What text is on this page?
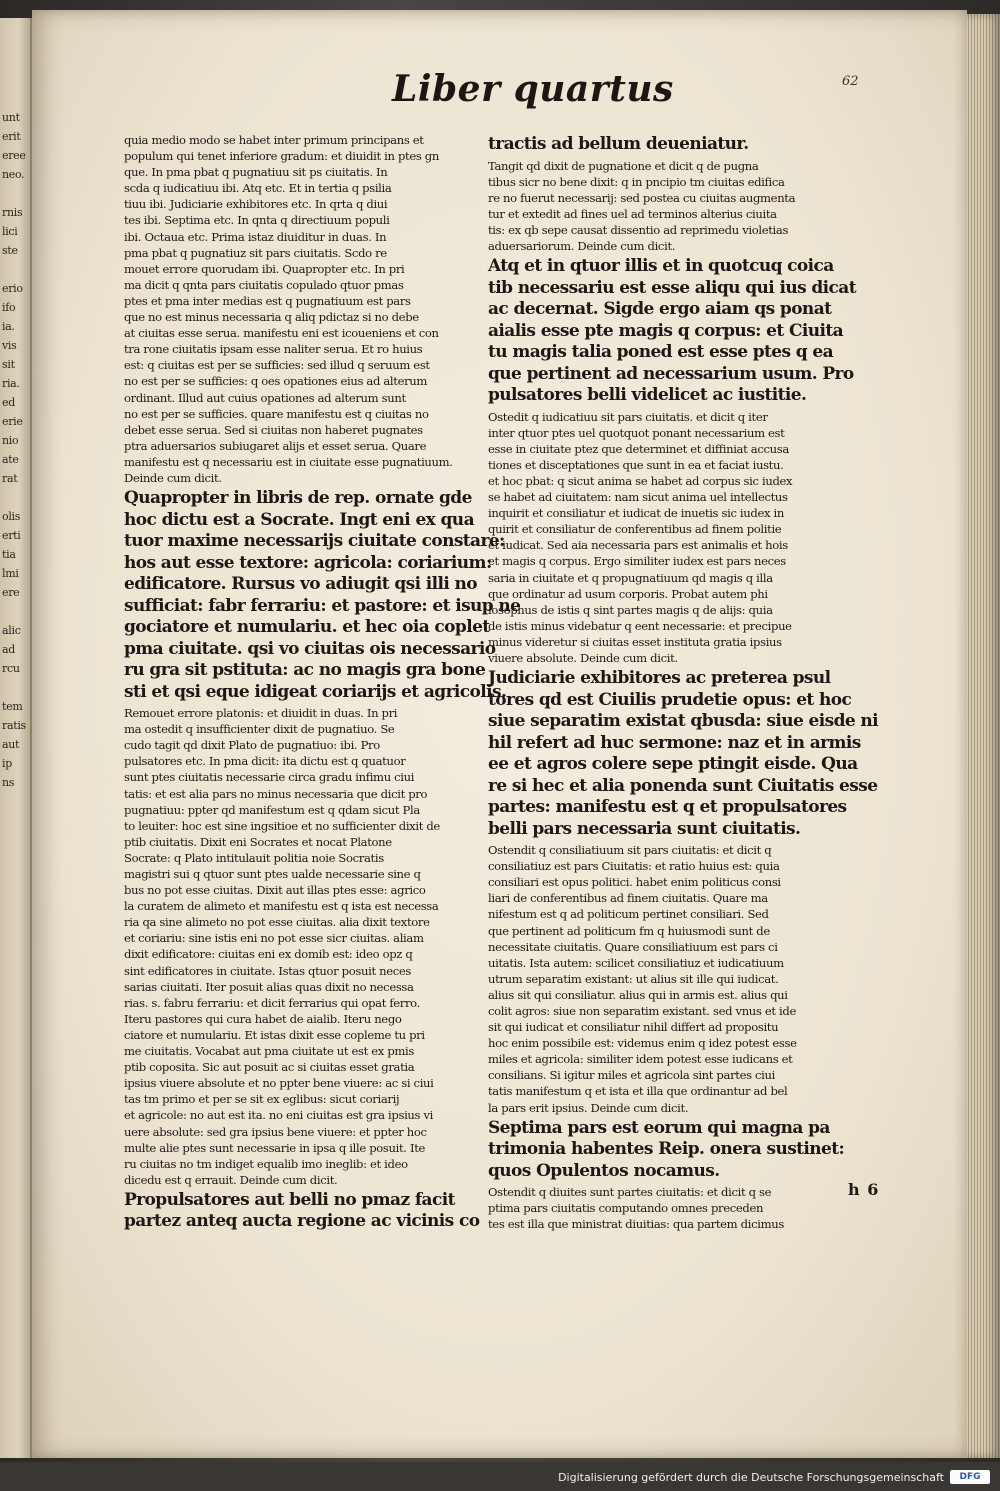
unt
erit
eree
neo.

rnis
lici
ste

erio
ifo
ia.
vis
sit
ria.
ed
erie
nio
ate
rat

olis
erti
tia
lmi
ere

alic
ad
rcu

tem
ratis
aut
ip
ns
Liber quartus	62
quia medio modo se habet inter primum principans et
populum qui tenet inferiore gradum: et diuidit in ptes gn
que. In pma pbat q pugnatiuu sit ps ciuitatis. In
scda q iudicatiuu ibi. Atq etc. Et in tertia q psilia
tiuu ibi. Judiciarie exhibitores etc. In qrta q diui
tes ibi. Septima etc. In qnta q directiuum populi
ibi. Octaua etc. Prima istaz diuiditur in duas. In
pma pbat q pugnatiuz sit pars ciuitatis. Scdo re
mouet errore quorudam ibi. Quapropter etc. In pri
ma dicit q qnta pars ciuitatis copulado qtuor pmas
ptes et pma inter medias est q pugnatiuum est pars
que no est minus necessaria q aliq pdictaz si no debe
at ciuitas esse serua. manifestu eni est icoueniens et con
tra rone ciuitatis ipsam esse naliter serua. Et ro huius
est: q ciuitas est per se sufficies: sed illud q seruum est
no est per se sufficies: q oes opationes eius ad alterum
ordinant. Illud aut cuius opationes ad alterum sunt
no est per se sufficies. quare manifestu est q ciuitas no
debet esse serua. Sed si ciuitas non haberet pugnates
ptra aduersarios subiugaret alijs et esset serua. Quare
manifestu est q necessariu est in ciuitate esse pugnatiuum.
Deinde cum dicit.
Quapropter in libris de rep. ornate gde
hoc dictu est a Socrate. Ingt eni ex qua
tuor maxime necessarijs ciuitate constare:
hos aut esse textore: agricola: coriarium:
edificatore. Rursus vo adiugit qsi illi no
sufficiat: fabr ferrariu: et pastore: et isup ne
gociatore et numulariu. et hec oia coplet
pma ciuitate. qsi vo ciuitas ois necessario
ru gra sit pstituta: ac no magis gra bone
sti et qsi eque idigeat coriarijs et agricolis.
Remouet errore platonis: et diuidit in duas. In pri
ma ostedit q insufficienter dixit de pugnatiuo. Se
cudo tagit qd dixit Plato de pugnatiuo: ibi. Pro
pulsatores etc. In pma dicit: ita dictu est q quatuor
sunt ptes ciuitatis necessarie circa gradu infimu ciui
tatis: et est alia pars no minus necessaria que dicit pro
pugnatiuu: ppter qd manifestum est q qdam sicut Pla
to leuiter: hoc est sine ingsitioe et no sufficienter dixit de
ptib ciuitatis. Dixit eni Socrates et nocat Platone
Socrate: q Plato intitulauit politia noie Socratis
magistri sui q qtuor sunt ptes ualde necessarie sine q
bus no pot esse ciuitas. Dixit aut illas ptes esse: agrico
la curatem de alimeto et manifestu est q ista est necessa
ria qa sine alimeto no pot esse ciuitas. alia dixit textore
et coriariu: sine istis eni no pot esse sicr ciuitas. aliam
dixit edificatore: ciuitas eni ex domib est: ideo opz q
sint edificatores in ciuitate. Istas qtuor posuit neces
sarias ciuitati. Iter posuit alias quas dixit no necessa
rias. s. fabru ferrariu: et dicit ferrarius qui opat ferro.
Iteru pastores qui cura habet de aialib. Iteru nego
ciatore et numulariu. Et istas dixit esse copleme tu pri
me ciuitatis. Vocabat aut pma ciuitate ut est ex pmis
ptib coposita. Sic aut posuit ac si ciuitas esset gratia
ipsius viuere absolute et no ppter bene viuere: ac si ciui
tas tm primo et per se sit ex eglibus: sicut coriarij
et agricole: no aut est ita. no eni ciuitas est gra ipsius vi
uere absolute: sed gra ipsius bene viuere: et ppter hoc
multe alie ptes sunt necessarie in ipsa q ille posuit. Ite
ru ciuitas no tm indiget equalib imo ineglib: et ideo
dicedu est q errauit. Deinde cum dicit.
Propulsatores aut belli no pmaz facit
partez anteq aucta regione ac vicinis co
tractis ad bellum deueniatur.
Tangit qd dixit de pugnatione et dicit q de pugna
tibus sicr no bene dixit: q in pncipio tm ciuitas edifica
re no fuerut necessarij: sed postea cu ciuitas augmenta
tur et extedit ad fines uel ad terminos alterius ciuita
tis: ex qb sepe causat dissentio ad reprimedu violetias
aduersariorum. Deinde cum dicit.
Atq et in qtuor illis et in quotcuq coica
tib necessariu est esse aliqu qui ius dicat
ac decernat. Sigde ergo aiam qs ponat
aialis esse pte magis q corpus: et Ciuita
tu magis talia poned est esse ptes q ea
que pertinent ad necessarium usum. Pro
pulsatores belli videlicet ac iustitie.
Ostedit q iudicatiuu sit pars ciuitatis. et dicit q iter
inter qtuor ptes uel quotquot ponant necessarium est
esse in ciuitate ptez que determinet et diffiniat accusa
tiones et disceptationes que sunt in ea et faciat iustu.
et hoc pbat: q sicut anima se habet ad corpus sic iudex
se habet ad ciuitatem: nam sicut anima uel intellectus
inquirit et consiliatur et iudicat de inuetis sic iudex in
quirit et consiliatur de conferentibus ad finem politie
et iudicat. Sed aia necessaria pars est animalis et hois
et magis q corpus. Ergo similiter iudex est pars neces
saria in ciuitate et q propugnatiuum qd magis q illa
que ordinatur ad usum corporis. Probat autem phi
losophus de istis q sint partes magis q de alijs: quia
de istis minus videbatur q eent necessarie: et precipue
minus videretur si ciuitas esset instituta gratia ipsius
viuere absolute. Deinde cum dicit.
Judiciarie exhibitores ac preterea psul
tores qd est Ciuilis prudetie opus: et hoc
siue separatim existat qbusda: siue eisde ni
hil refert ad huc sermone: naz et in armis
ee et agros colere sepe ptingit eisde. Qua
re si hec et alia ponenda sunt Ciuitatis esse
partes: manifestu est q et propulsatores
belli pars necessaria sunt ciuitatis.
Ostendit q consiliatiuum sit pars ciuitatis: et dicit q
consiliatiuz est pars Ciuitatis: et ratio huius est: quia
consiliari est opus politici. habet enim politicus consi
liari de conferentibus ad finem ciuitatis. Quare ma
nifestum est q ad politicum pertinet consiliari. Sed
que pertinent ad politicum fm q huiusmodi sunt de
necessitate ciuitatis. Quare consiliatiuum est pars ci
uitatis. Ista autem: scilicet consiliatiuz et iudicatiuum
utrum separatim existant: ut alius sit ille qui iudicat.
alius sit qui consiliatur. alius qui in armis est. alius qui
colit agros: siue non separatim existant. sed vnus et ide
sit qui iudicat et consiliatur nihil differt ad propositu
hoc enim possibile est: videmus enim q idez potest esse
miles et agricola: similiter idem potest esse iudicans et
consilians. Si igitur miles et agricola sint partes ciui
tatis manifestum q et ista et illa que ordinantur ad bel
la pars erit ipsius. Deinde cum dicit.
Septima pars est eorum qui magna pa
trimonia habentes Reip. onera sustinet:
quos Opulentos nocamus.
Ostendit q diuites sunt partes ciuitatis: et dicit q se
ptima pars ciuitatis computando omnes preceden
tes est illa que ministrat diuitias: qua partem dicimus
h 6
Digitalisierung gefördert durch die Deutsche Forschungsgemeinschaft	DFG
